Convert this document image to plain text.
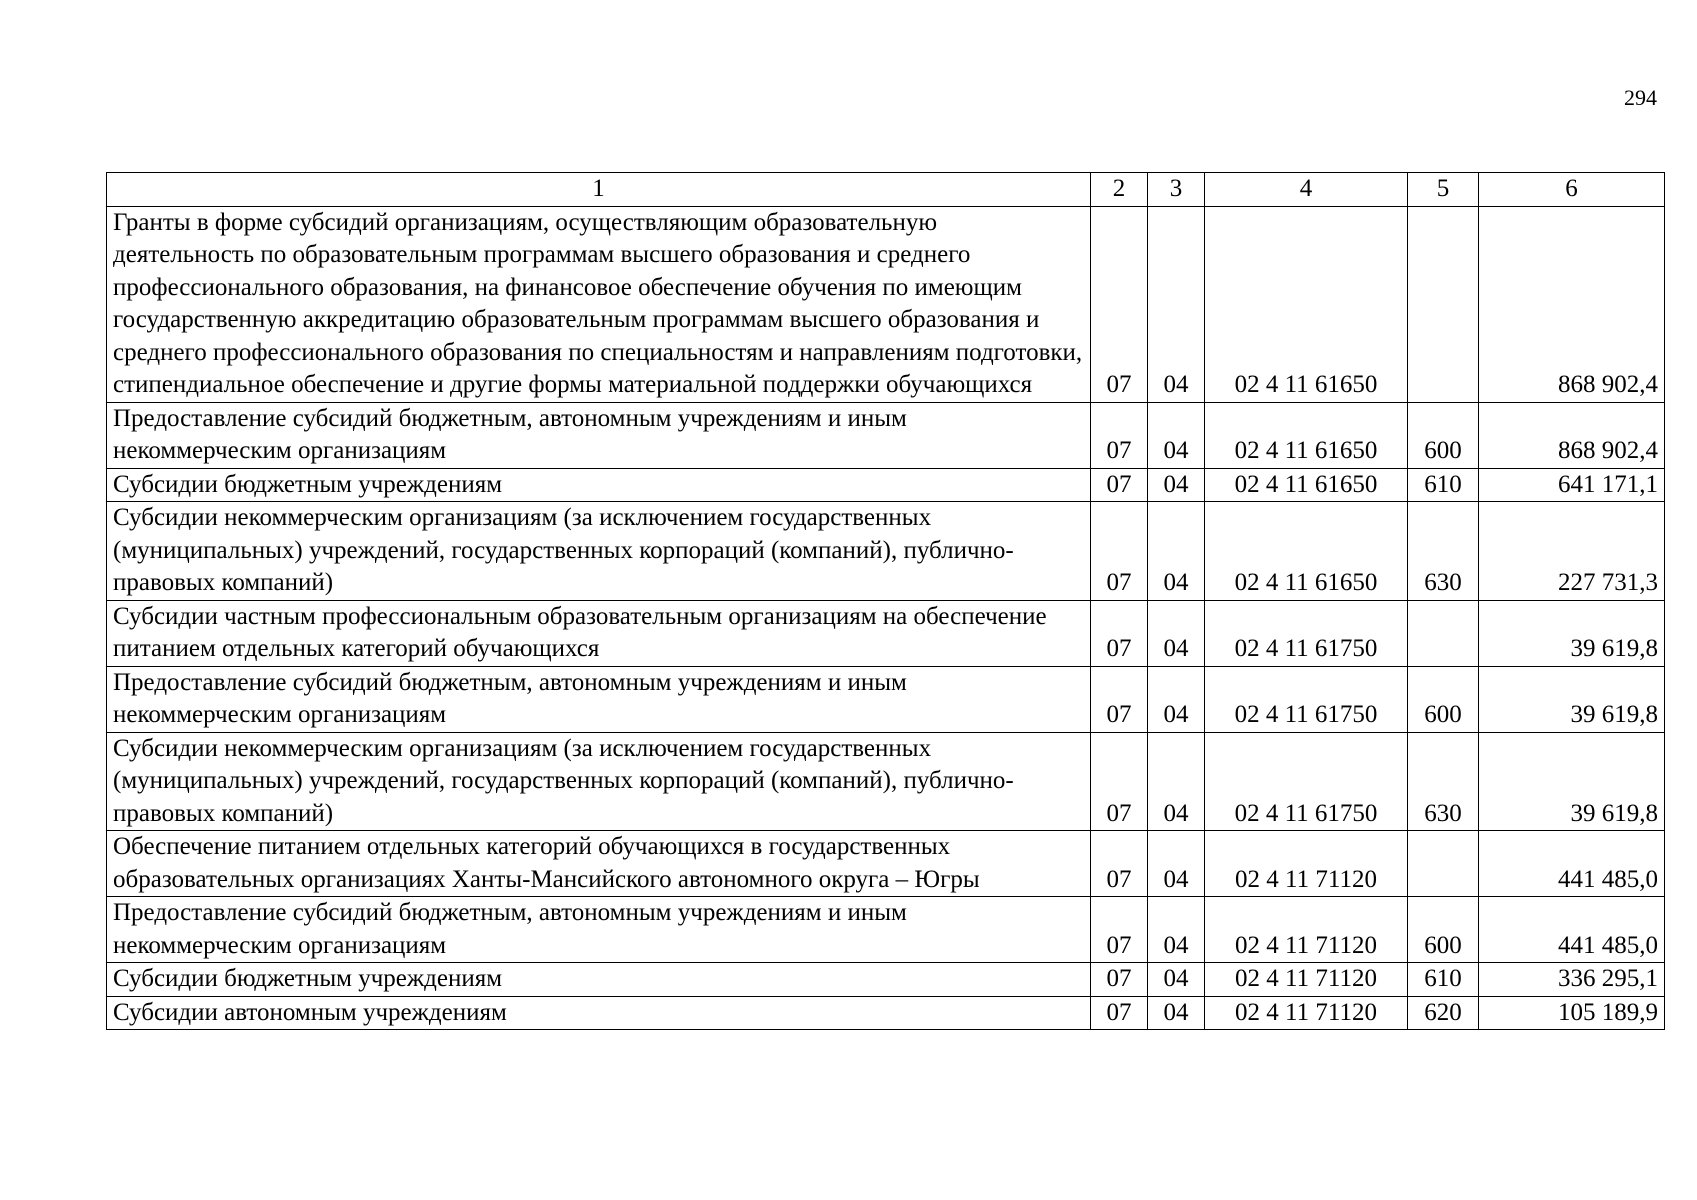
294
1	2	3	4	5	6
Гранты в форме субсидий организациям, осуществляющим образовательную деятельность по образовательным программам высшего образования и среднего профессионального образования, на финансовое обеспечение обучения по имеющим государственную аккредитацию образовательным программам высшего образования и среднего профессионального образования по специальностям и направлениям подготовки, стипендиальное обеспечение и другие формы материальной поддержки обучающихся	07	04	02 4 11 61650		868 902,4
Предоставление субсидий бюджетным, автономным учреждениям и иным некоммерческим организациям	07	04	02 4 11 61650	600	868 902,4
Субсидии бюджетным учреждениям	07	04	02 4 11 61650	610	641 171,1
Субсидии некоммерческим организациям (за исключением государственных (муниципальных) учреждений, государственных корпораций (компаний), публично-правовых компаний)	07	04	02 4 11 61650	630	227 731,3
Субсидии частным профессиональным образовательным организациям на обеспечение питанием отдельных категорий обучающихся	07	04	02 4 11 61750		39 619,8
Предоставление субсидий бюджетным, автономным учреждениям и иным некоммерческим организациям	07	04	02 4 11 61750	600	39 619,8
Субсидии некоммерческим организациям (за исключением государственных (муниципальных) учреждений, государственных корпораций (компаний), публично-правовых компаний)	07	04	02 4 11 61750	630	39 619,8
Обеспечение питанием отдельных категорий обучающихся в государственных образовательных организациях Ханты-Мансийского автономного округа – Югры	07	04	02 4 11 71120		441 485,0
Предоставление субсидий бюджетным, автономным учреждениям и иным некоммерческим организациям	07	04	02 4 11 71120	600	441 485,0
Субсидии бюджетным учреждениям	07	04	02 4 11 71120	610	336 295,1
Субсидии автономным учреждениям	07	04	02 4 11 71120	620	105 189,9
